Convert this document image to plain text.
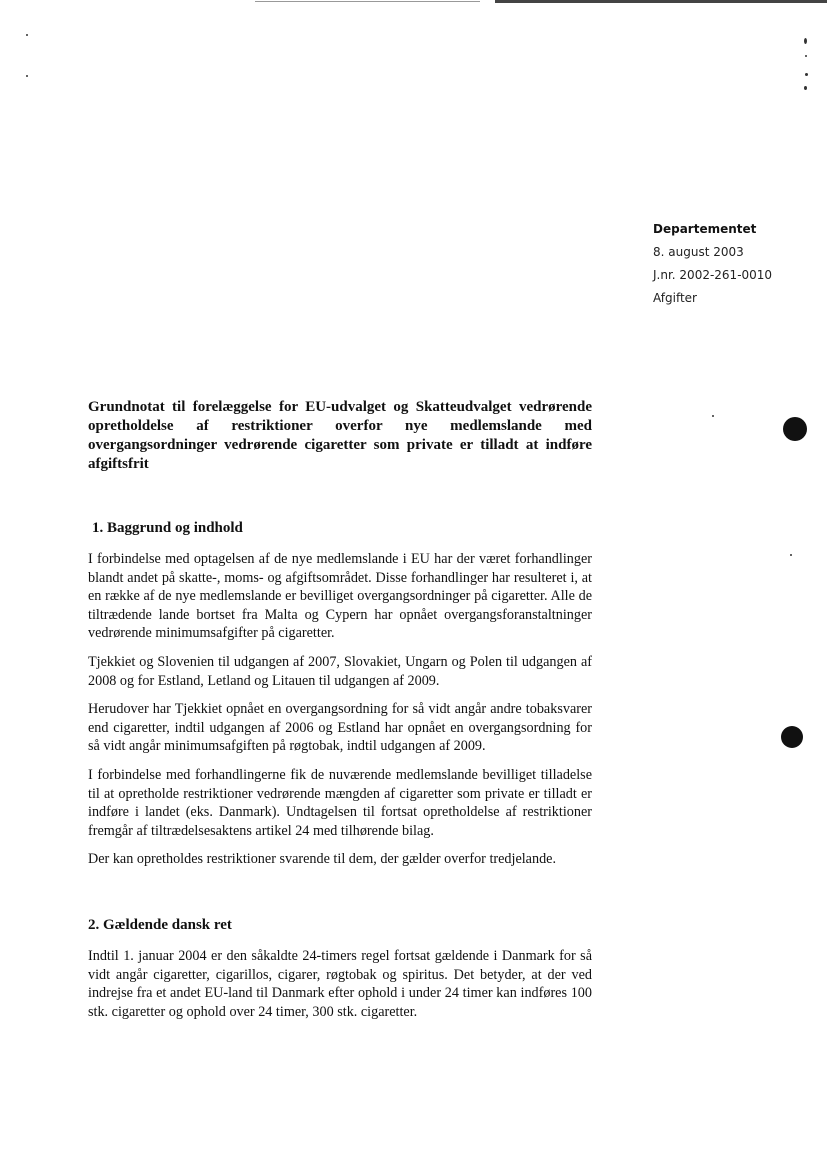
Departementet
8. august 2003
J.nr. 2002-261-0010
Afgifter

Grundnotat til forelæggelse for EU-udvalget og Skatteudvalget vedrørende opretholdelse af restriktioner overfor nye medlemslande med overgangsordninger vedrørende cigaretter som private er tilladt at indføre afgiftsfrit

1. Baggrund og indhold

I forbindelse med optagelsen af de nye medlemslande i EU har der været forhandlinger blandt andet på skatte-, moms- og afgiftsområdet. Disse forhandlinger har resulteret i, at en række af de nye medlemslande er bevilliget overgangsordninger på cigaretter. Alle de tiltrædende lande bortset fra Malta og Cypern har opnået overgangsforanstaltninger vedrørende minimumsafgifter på cigaretter.

Tjekkiet og Slovenien til udgangen af 2007, Slovakiet, Ungarn og Polen til udgangen af 2008 og for Estland, Letland og Litauen til udgangen af 2009.

Herudover har Tjekkiet opnået en overgangsordning for så vidt angår andre tobaksvarer end cigaretter, indtil udgangen af 2006 og Estland har opnået en overgangsordning for så vidt angår minimumsafgiften på røgtobak, indtil udgangen af 2009.

I forbindelse med forhandlingerne fik de nuværende medlemslande bevilliget tilladelse til at opretholde restriktioner vedrørende mængden af cigaretter som private er tilladt er indføre i landet (eks. Danmark). Undtagelsen til fortsat opretholdelse af restriktioner fremgår af tiltrædelsesaktens artikel 24 med tilhørende bilag.

Der kan opretholdes restriktioner svarende til dem, der gælder overfor tredjelande.

2. Gældende dansk ret

Indtil 1. januar 2004 er den såkaldte 24-timers regel fortsat gældende i Danmark for så vidt angår cigaretter, cigarillos, cigarer, røgtobak og spiritus. Det betyder, at der ved indrejse fra et andet EU-land til Danmark efter ophold i under 24 timer kan indføres 100 stk. cigaretter og ophold over 24 timer, 300 stk. cigaretter.
